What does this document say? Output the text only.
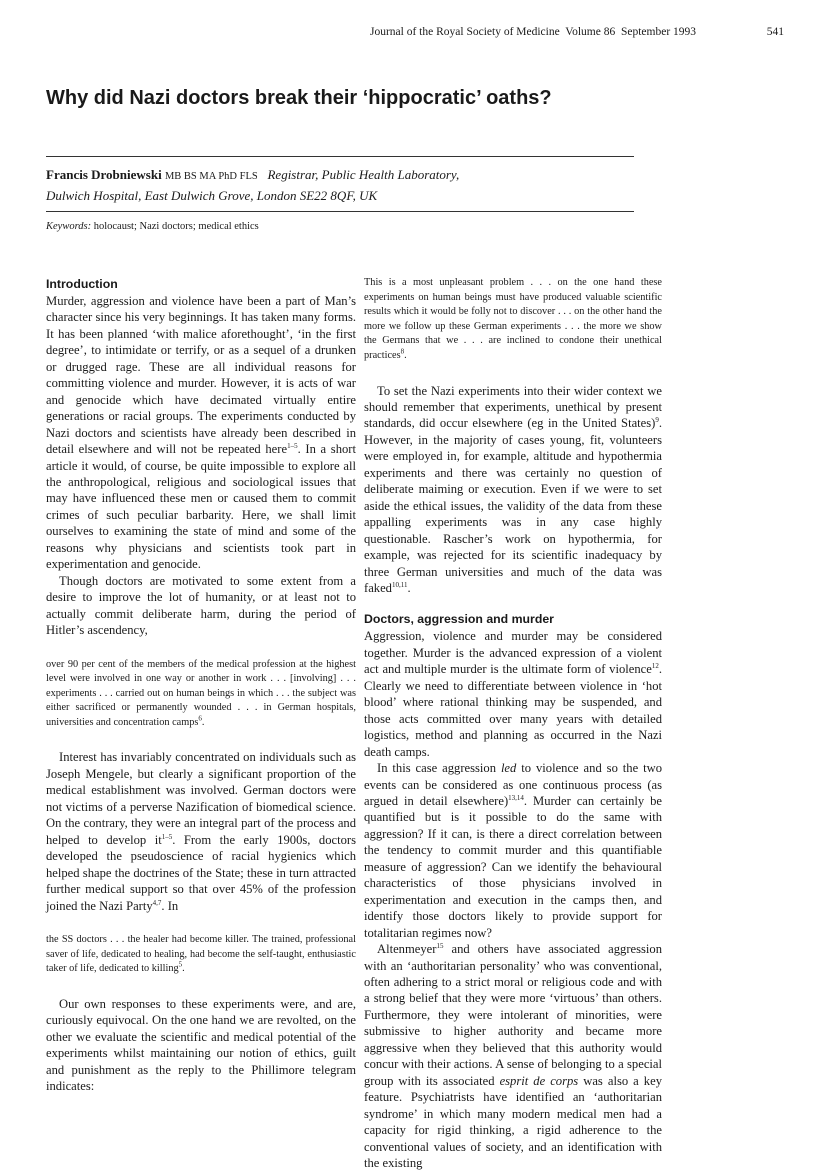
Journal of the Royal Society of Medicine Volume 86 September 1993	541
Why did Nazi doctors break their ‘hippocratic’ oaths?
Francis Drobniewski MB BS MA PhD FLS Registrar, Public Health Laboratory,
Dulwich Hospital, East Dulwich Grove, London SE22 8QF, UK
Keywords: holocaust; Nazi doctors; medical ethics
Introduction

Murder, aggression and violence have been a part of Man’s character since his very beginnings. It has taken many forms. It has been planned ‘with malice aforethought’, ‘in the first degree’, to intimidate or terrify, or as a sequel of a drunken or drugged rage. These are all individual reasons for committing violence and murder. However, it is acts of war and genocide which have decimated virtually entire generations or racial groups. The experiments conducted by Nazi doctors and scientists have already been described in detail elsewhere and will not be repeated here$^{1-5}$. In a short article it would, of course, be quite impossible to explore all the anthropological, religious and sociological issues that may have influenced these men or caused them to commit crimes of such peculiar barbarity. Here, we shall limit ourselves to examining the state of mind and some of the reasons why physicians and scientists took part in experimentation and genocide.

Though doctors are motivated to some extent from a desire to improve the lot of humanity, or at least not to actually commit deliberate harm, during the period of Hitler’s ascendency,

over 90 per cent of the members of the medical profession at the highest level were involved in one way or another in work . . . [involving] . . . experiments . . . carried out on human beings in which . . . the subject was either sacrificed or permanently wounded . . . in German hospitals, universities and concentration camps$^6$.

Interest has invariably concentrated on individuals such as Joseph Mengele, but clearly a significant proportion of the medical establishment was involved. German doctors were not victims of a perverse Nazification of biomedical science. On the contrary, they were an integral part of the process and helped to develop $it^{1-5}$. From the early 1900s, doctors developed the pseudoscience of racial hygienics which helped shape the doctrines of the State; these in turn attracted further medical support so that over 45% of the profession joined the Nazi Party$^{4,7}$. In

the SS doctors . . . the healer had become killer. The trained, professional saver of life, dedicated to healing, had become the self-taught, enthusiastic taker of life, dedicated to killing$^5$.

Our own responses to these experiments were, and are, curiously equivocal. On the one hand we are revolted, on the other we evaluate the scientific and medical potential of the experiments whilst maintaining our notion of ethics, guilt and punishment as the reply to the Phillimore telegram indicates:

This is a most unpleasant problem . . . on the one hand these experiments on human beings must have produced valuable scientific results which it would be folly not to discover . . . on the other hand the more we follow up these German experiments . . . the more we show the Germans that we . . . are inclined to condone their unethical practices$^8$.

To set the Nazi experiments into their wider context we should remember that experiments, unethical by present standards, did occur elsewhere (eg in the United States)$^9$. However, in the majority of cases young, fit, volunteers were employed in, for example, altitude and hypothermia experiments and there was certainly no question of deliberate maiming or execution. Even if we were to set aside the ethical issues, the validity of the data from these appalling experiments was in any case highly questionable. Rascher’s work on hypothermia, for example, was rejected for its scientific inadequacy by three German universities and much of the data was faked$^{10,11}$.

Doctors, aggression and murder

Aggression, violence and murder may be considered together. Murder is the advanced expression of a violent act and multiple murder is the ultimate form of violence$^{12}$. Clearly we need to differentiate between violence in ‘hot blood’ where rational thinking may be suspended, and those acts committed over many years with detailed logistics, method and planning as occurred in the Nazi death camps.

In this case aggression led to violence and so the two events can be considered as one continuous process (as argued in detail elsewhere)$^{13,14}$. Murder can certainly be quantified but is it possible to do the same with aggression? If it can, is there a direct correlation between the tendency to commit murder and this quantifiable measure of aggression? Can we identify the behavioural characteristics of those physicians involved in experimentation and execution in the camps then, and identify those doctors likely to provide support for totalitarian regimes now?

Altenmeyer$^{15}$ and others have associated aggression with an ‘authoritarian personality’ who was conventional, often adhering to a strict moral or religious code and with a strong belief that they were more ‘virtuous’ than others. Furthermore, they were intolerant of minorities, were submissive to higher authority and became more aggressive when they believed that this authority would concur with their actions. A sense of belonging to a special group with its associated esprit de corps was also a key feature. Psychiatrists have identified an ‘authoritarian syndrome’ in which many modern medical men had a capacity for rigid thinking, a rigid adherence to the conventional values of society, and an identification with the existing
